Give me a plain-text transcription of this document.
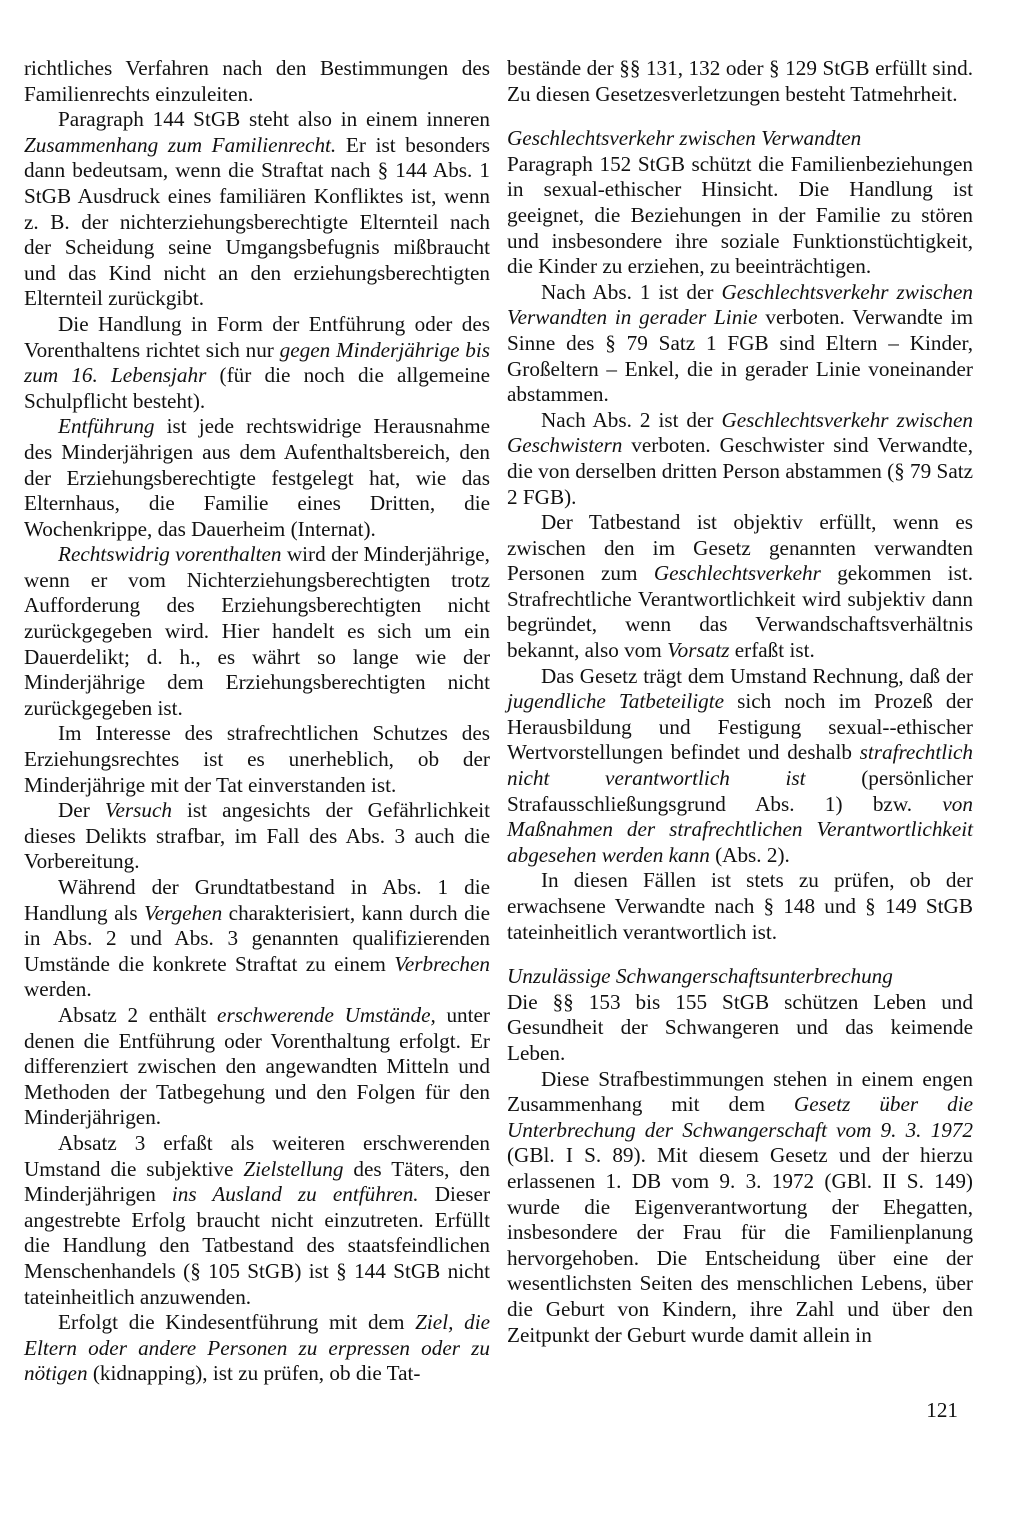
richtliches Verfahren nach den Bestimmungen des Familienrechts einzuleiten.

Paragraph 144 StGB steht also in einem inneren Zusammenhang zum Familienrecht. Er ist besonders dann bedeutsam, wenn die Straftat nach § 144 Abs. 1 StGB Ausdruck eines familiären Konfliktes ist, wenn z. B. der nichterziehungsberechtigte Elternteil nach der Scheidung seine Umgangsbefugnis mißbraucht und das Kind nicht an den erziehungsberechtigten Elternteil zurückgibt.

Die Handlung in Form der Entführung oder des Vorenthaltens richtet sich nur gegen Minderjährige bis zum 16. Lebensjahr (für die noch die allgemeine Schulpflicht besteht).

Entführung ist jede rechtswidrige Herausnahme des Minderjährigen aus dem Aufenthaltsbereich, den der Erziehungsberechtigte festgelegt hat, wie das Elternhaus, die Familie eines Dritten, die Wochenkrippe, das Dauerheim (Internat).

Rechtswidrig vorenthalten wird der Minderjährige, wenn er vom Nichterziehungsberechtigten trotz Aufforderung des Erziehungsberechtigten nicht zurückgegeben wird. Hier handelt es sich um ein Dauerdelikt; d. h., es währt so lange wie der Minderjährige dem Erziehungsberechtigten nicht zurückgegeben ist.

Im Interesse des strafrechtlichen Schutzes des Erziehungsrechtes ist es unerheblich, ob der Minderjährige mit der Tat einverstanden ist.

Der Versuch ist angesichts der Gefährlichkeit dieses Delikts strafbar, im Fall des Abs. 3 auch die Vorbereitung.

Während der Grundtatbestand in Abs. 1 die Handlung als Vergehen charakterisiert, kann durch die in Abs. 2 und Abs. 3 genannten qualifizierenden Umstände die konkrete Straftat zu einem Verbrechen werden.

Absatz 2 enthält erschwerende Umstände, unter denen die Entführung oder Vorenthaltung erfolgt. Er differenziert zwischen den angewandten Mitteln und Methoden der Tatbegehung und den Folgen für den Minderjährigen.

Absatz 3 erfaßt als weiteren erschwerenden Umstand die subjektive Zielstellung des Täters, den Minderjährigen ins Ausland zu entführen. Dieser angestrebte Erfolg braucht nicht einzutreten. Erfüllt die Handlung den Tatbestand des staatsfeindlichen Menschenhandels (§ 105 StGB) ist § 144 StGB nicht tateinheitlich anzuwenden.

Erfolgt die Kindesentführung mit dem Ziel, die Eltern oder andere Personen zu erpressen oder zu nötigen (kidnapping), ist zu prüfen, ob die Tat-

bestände der §§ 131, 132 oder § 129 StGB erfüllt sind. Zu diesen Gesetzesverletzungen besteht Tatmehrheit.

Geschlechtsverkehr zwischen Verwandten

Paragraph 152 StGB schützt die Familienbeziehungen in sexual-ethischer Hinsicht. Die Handlung ist geeignet, die Beziehungen in der Familie zu stören und insbesondere ihre soziale Funktionstüchtigkeit, die Kinder zu erziehen, zu beeinträchtigen.

Nach Abs. 1 ist der Geschlechtsverkehr zwischen Verwandten in gerader Linie verboten. Verwandte im Sinne des § 79 Satz 1 FGB sind Eltern – Kinder, Großeltern – Enkel, die in gerader Linie voneinander abstammen.

Nach Abs. 2 ist der Geschlechtsverkehr zwischen Geschwistern verboten. Geschwister sind Verwandte, die von derselben dritten Person abstammen (§ 79 Satz 2 FGB).

Der Tatbestand ist objektiv erfüllt, wenn es zwischen den im Gesetz genannten verwandten Personen zum Geschlechtsverkehr gekommen ist. Strafrechtliche Verantwortlichkeit wird subjektiv dann begründet, wenn das Verwandschaftsverhältnis bekannt, also vom Vorsatz erfaßt ist.

Das Gesetz trägt dem Umstand Rechnung, daß der jugendliche Tatbeteiligte sich noch im Prozeß der Herausbildung und Festigung sexual--ethischer Wertvorstellungen befindet und deshalb strafrechtlich nicht verantwortlich ist (persönlicher Strafausschließungsgrund Abs. 1) bzw. von Maßnahmen der strafrechtlichen Verantwortlichkeit abgesehen werden kann (Abs. 2).

In diesen Fällen ist stets zu prüfen, ob der erwachsene Verwandte nach § 148 und § 149 StGB tateinheitlich verantwortlich ist.

Unzulässige Schwangerschaftsunterbrechung

Die §§ 153 bis 155 StGB schützen Leben und Gesundheit der Schwangeren und das keimende Leben.

Diese Strafbestimmungen stehen in einem engen Zusammenhang mit dem Gesetz über die Unterbrechung der Schwangerschaft vom 9. 3. 1972 (GBl. I S. 89). Mit diesem Gesetz und der hierzu erlassenen 1. DB vom 9. 3. 1972 (GBl. II S. 149) wurde die Eigenverantwortung der Ehegatten, insbesondere der Frau für die Familienplanung hervorgehoben. Die Entscheidung über eine der wesentlichsten Seiten des menschlichen Lebens, über die Geburt von Kindern, ihre Zahl und über den Zeitpunkt der Geburt wurde damit allein in

121
